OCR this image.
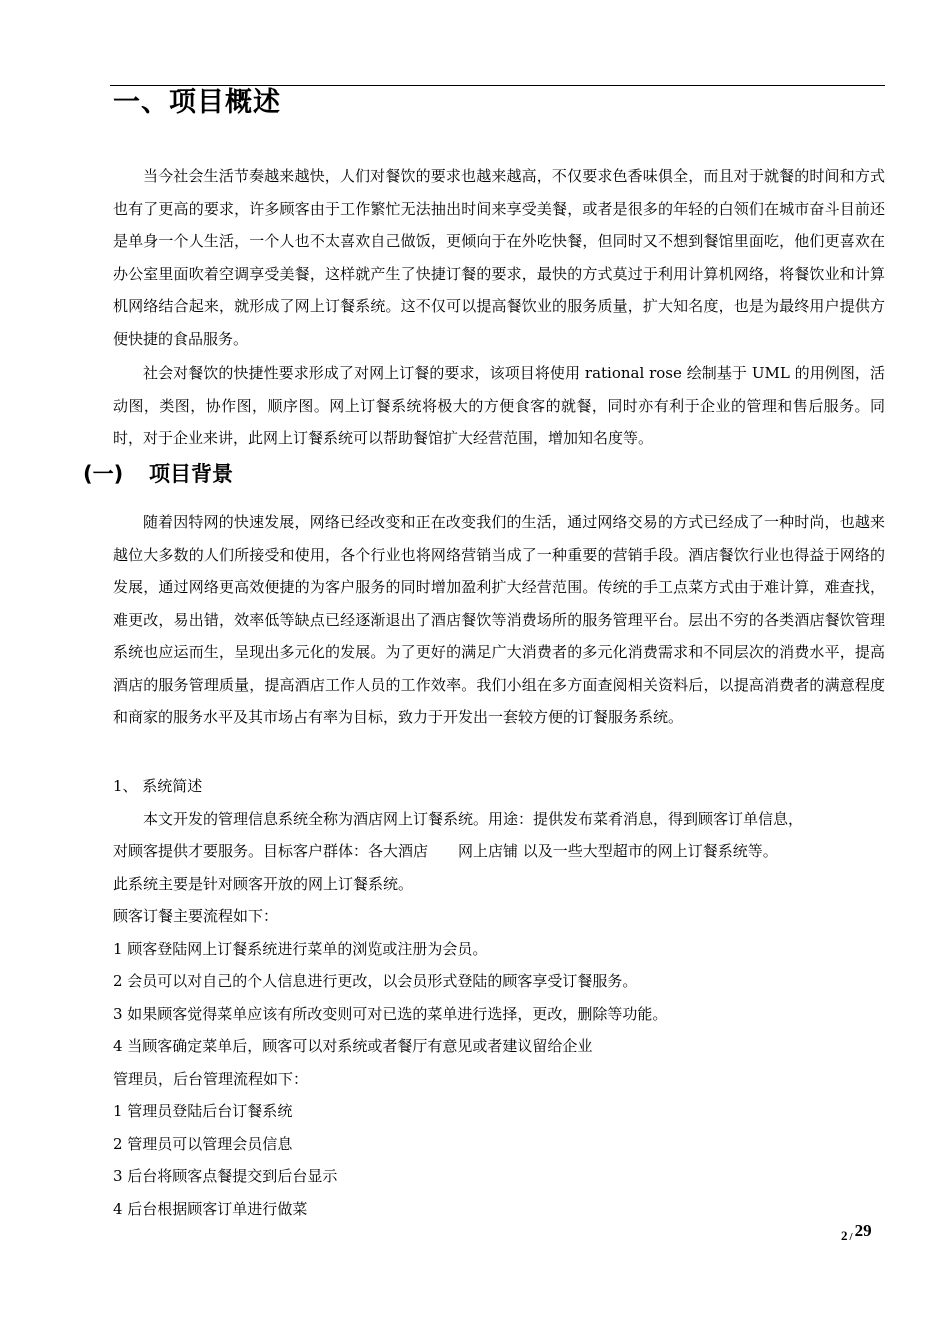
一、项目概述
当今社会生活节奏越来越快，人们对餐饮的要求也越来越高，不仅要求色香味俱全，而且对于就餐的时间和方式也有了更高的要求，许多顾客由于工作繁忙无法抽出时间来享受美餐，或者是很多的年轻的白领们在城市奋斗目前还是单身一个人生活，一个人也不太喜欢自己做饭，更倾向于在外吃快餐，但同时又不想到餐馆里面吃，他们更喜欢在办公室里面吹着空调享受美餐，这样就产生了快捷订餐的要求，最快的方式莫过于利用计算机网络，将餐饮业和计算机网络结合起来，就形成了网上订餐系统。这不仅可以提高餐饮业的服务质量，扩大知名度，也是为最终用户提供方便快捷的食品服务。
社会对餐饮的快捷性要求形成了对网上订餐的要求，该项目将使用 rational rose 绘制基于 UML 的用例图，活动图，类图，协作图，顺序图。网上订餐系统将极大的方便食客的就餐，同时亦有利于企业的管理和售后服务。同时，对于企业来讲，此网上订餐系统可以帮助餐馆扩大经营范围，增加知名度等。
(一) 项目背景
随着因特网的快速发展，网络已经改变和正在改变我们的生活，通过网络交易的方式已经成了一种时尚，也越来越位大多数的人们所接受和使用，各个行业也将网络营销当成了一种重要的营销手段。酒店餐饮行业也得益于网络的发展，通过网络更高效便捷的为客户服务的同时增加盈利扩大经营范围。传统的手工点菜方式由于难计算，难查找，难更改，易出错，效率低等缺点已经逐渐退出了酒店餐饮等消费场所的服务管理平台。层出不穷的各类酒店餐饮管理系统也应运而生，呈现出多元化的发展。为了更好的满足广大消费者的多元化消费需求和不同层次的消费水平，提高酒店的服务管理质量，提高酒店工作人员的工作效率。我们小组在多方面查阅相关资料后，以提高消费者的满意程度和商家的服务水平及其市场占有率为目标，致力于开发出一套较方便的订餐服务系统。
1、 系统简述
本文开发的管理信息系统全称为酒店网上订餐系统。用途：提供发布菜肴消息，得到顾客订单信息，
对顾客提供才要服务。目标客户群体：各大酒店　　网上店铺 以及一些大型超市的网上订餐系统等。
此系统主要是针对顾客开放的网上订餐系统。
顾客订餐主要流程如下：
1 顾客登陆网上订餐系统进行菜单的浏览或注册为会员。
2 会员可以对自己的个人信息进行更改，以会员形式登陆的顾客享受订餐服务。
3 如果顾客觉得菜单应该有所改变则可对已选的菜单进行选择，更改，删除等功能。
4 当顾客确定菜单后，顾客可以对系统或者餐厅有意见或者建议留给企业
管理员，后台管理流程如下：
1 管理员登陆后台订餐系统
2 管理员可以管理会员信息
3 后台将顾客点餐提交到后台显示
4 后台根据顾客订单进行做菜
2 / 29
